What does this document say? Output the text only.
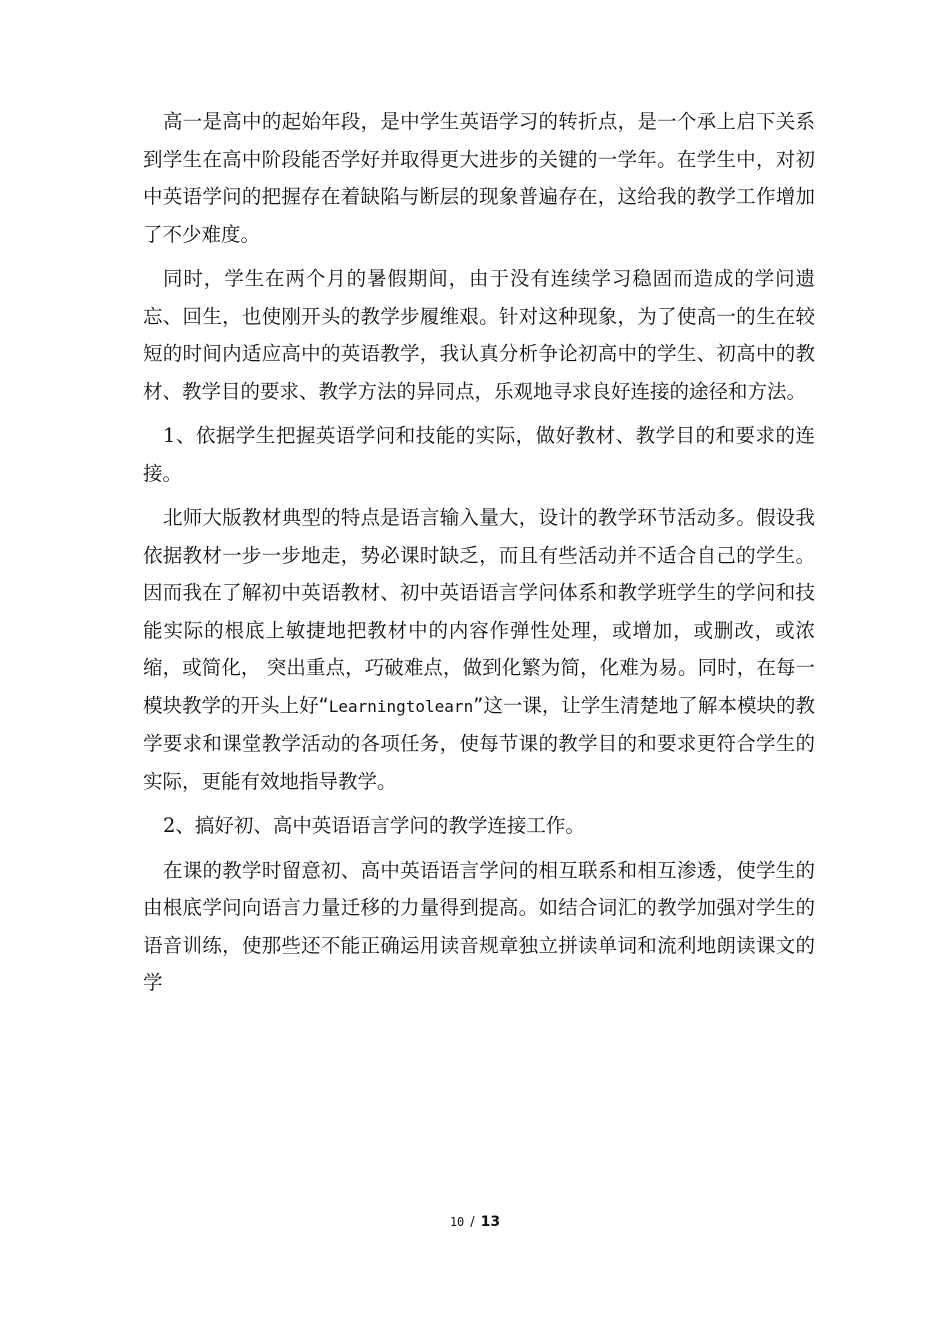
高一是高中的起始年段，是中学生英语学习的转折点，是一个承上启下关系到学生在高中阶段能否学好并取得更大进步的关键的一学年。在学生中，对初中英语学问的把握存在着缺陷与断层的现象普遍存在，这给我的教学工作增加了不少难度。

同时，学生在两个月的暑假期间，由于没有连续学习稳固而造成的学问遗忘、回生，也使刚开头的教学步履维艰。针对这种现象，为了使高一的生在较短的时间内适应高中的英语教学，我认真分析争论初高中的学生、初高中的教材、教学目的要求、教学方法的异同点，乐观地寻求良好连接的途径和方法。

1、依据学生把握英语学问和技能的实际，做好教材、教学目的和要求的连接。

北师大版教材典型的特点是语言输入量大，设计的教学环节活动多。假设我依据教材一步一步地走，势必课时缺乏，而且有些活动并不适合自己的学生。因而我在了解初中英语教材、初中英语语言学问体系和教学班学生的学问和技能实际的根底上敏捷地把教材中的内容作弹性处理，或增加，或删改，或浓缩，或简化， 突出重点，巧破难点，做到化繁为简，化难为易。同时，在每一模块教学的开头上好“Learningtolearn”这一课，让学生清楚地了解本模块的教学要求和课堂教学活动的各项任务，使每节课的教学目的和要求更符合学生的实际，更能有效地指导教学。

2、搞好初、高中英语语言学问的教学连接工作。

在课的教学时留意初、高中英语语言学问的相互联系和相互渗透，使学生的由根底学问向语言力量迁移的力量得到提高。如结合词汇的教学加强对学生的语音训练，使那些还不能正确运用读音规章独立拼读单词和流利地朗读课文的学

10 / 13
